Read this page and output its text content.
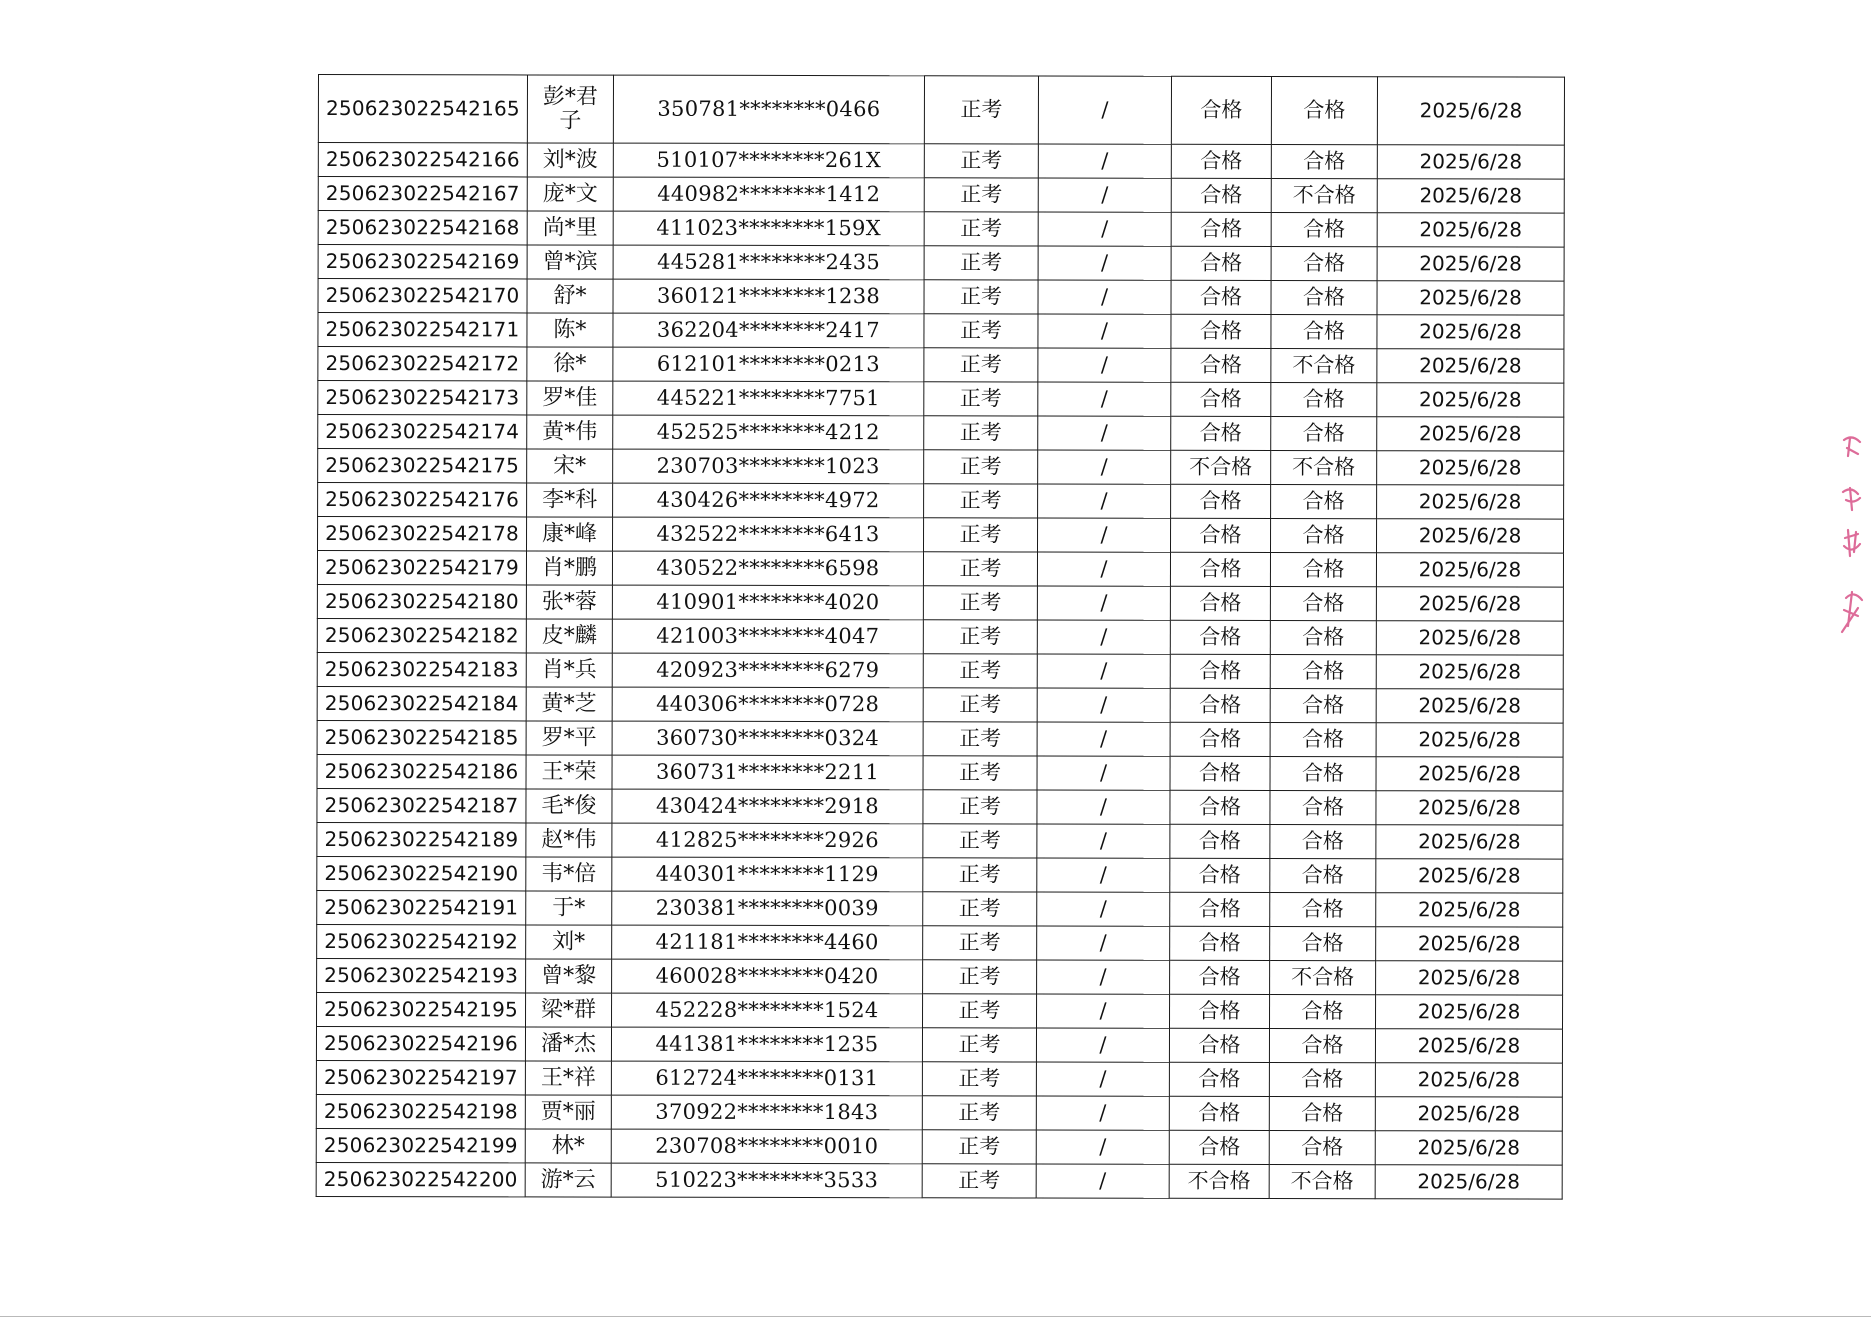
250623022542165	彭*君子	350781********0466	正考	/	合格	合格	2025/6/28
250623022542166	刘*波	510107********261X	正考	/	合格	合格	2025/6/28
250623022542167	庞*文	440982********1412	正考	/	合格	不合格	2025/6/28
250623022542168	尚*里	411023********159X	正考	/	合格	合格	2025/6/28
250623022542169	曾*滨	445281********2435	正考	/	合格	合格	2025/6/28
250623022542170	舒*	360121********1238	正考	/	合格	合格	2025/6/28
250623022542171	陈*	362204********2417	正考	/	合格	合格	2025/6/28
250623022542172	徐*	612101********0213	正考	/	合格	不合格	2025/6/28
250623022542173	罗*佳	445221********7751	正考	/	合格	合格	2025/6/28
250623022542174	黄*伟	452525********4212	正考	/	合格	合格	2025/6/28
250623022542175	宋*	230703********1023	正考	/	不合格	不合格	2025/6/28
250623022542176	李*科	430426********4972	正考	/	合格	合格	2025/6/28
250623022542178	康*峰	432522********6413	正考	/	合格	合格	2025/6/28
250623022542179	肖*鹏	430522********6598	正考	/	合格	合格	2025/6/28
250623022542180	张*蓉	410901********4020	正考	/	合格	合格	2025/6/28
250623022542182	皮*麟	421003********4047	正考	/	合格	合格	2025/6/28
250623022542183	肖*兵	420923********6279	正考	/	合格	合格	2025/6/28
250623022542184	黄*芝	440306********0728	正考	/	合格	合格	2025/6/28
250623022542185	罗*平	360730********0324	正考	/	合格	合格	2025/6/28
250623022542186	王*荣	360731********2211	正考	/	合格	合格	2025/6/28
250623022542187	毛*俊	430424********2918	正考	/	合格	合格	2025/6/28
250623022542189	赵*伟	412825********2926	正考	/	合格	合格	2025/6/28
250623022542190	韦*倍	440301********1129	正考	/	合格	合格	2025/6/28
250623022542191	于*	230381********0039	正考	/	合格	合格	2025/6/28
250623022542192	刘*	421181********4460	正考	/	合格	合格	2025/6/28
250623022542193	曾*黎	460028********0420	正考	/	合格	不合格	2025/6/28
250623022542195	梁*群	452228********1524	正考	/	合格	合格	2025/6/28
250623022542196	潘*杰	441381********1235	正考	/	合格	合格	2025/6/28
250623022542197	王*祥	612724********0131	正考	/	合格	合格	2025/6/28
250623022542198	贾*丽	370922********1843	正考	/	合格	合格	2025/6/28
250623022542199	林*	230708********0010	正考	/	合格	合格	2025/6/28
250623022542200	游*云	510223********3533	正考	/	不合格	不合格	2025/6/28
